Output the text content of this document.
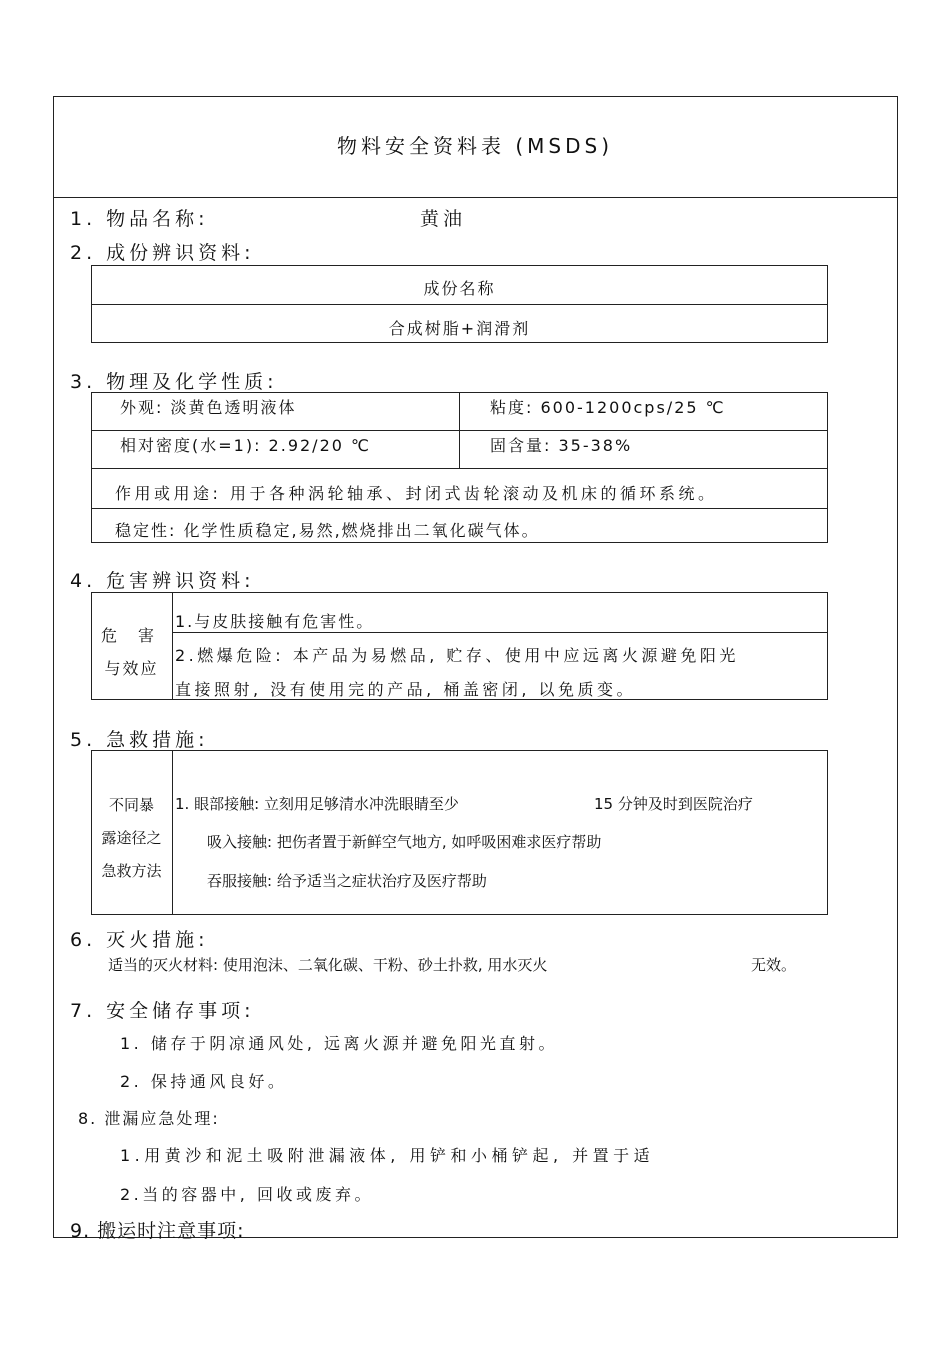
物料安全资料表 (MSDS)
1. 物品名称:	黄油
2. 成份辨识资料:
成份名称
合成树脂+润滑剂
3. 物理及化学性质:
外观: 淡黄色透明液体	粘度: 600-1200cps/25 ℃
相对密度(水=1): 2.92/20 ℃	固含量: 35-38%
作用或用途: 用于各种涡轮轴承、封闭式齿轮滚动及机床的循环系统。
稳定性: 化学性质稳定,易然,燃烧排出二氧化碳气体。
4. 危害辨识资料:
危 害
与效应
1.与皮肤接触有危害性。
2.燃爆危险: 本产品为易燃品, 贮存、使用中应远离火源避免阳光
直接照射, 没有使用完的产品, 桶盖密闭, 以免质变。
5. 急救措施:
不同暴
露途径之
急救方法
1. 眼部接触: 立刻用足够清水冲洗眼睛至少	15 分钟及时到医院治疗
吸入接触: 把伤者置于新鲜空气地方, 如呼吸困难求医疗帮助
吞服接触: 给予适当之症状治疗及医疗帮助
6. 灭火措施:
适当的灭火材料: 使用泡沫、二氧化碳、干粉、砂土扑救, 用水灭火	无效。
7. 安全储存事项:
1. 储存于阴凉通风处, 远离火源并避免阳光直射。
2. 保持通风良好。
8. 泄漏应急处理:
1.用黄沙和泥土吸附泄漏液体, 用铲和小桶铲起, 并置于适
2.当的容器中, 回收或废弃。
9. 搬运时注意事项:
